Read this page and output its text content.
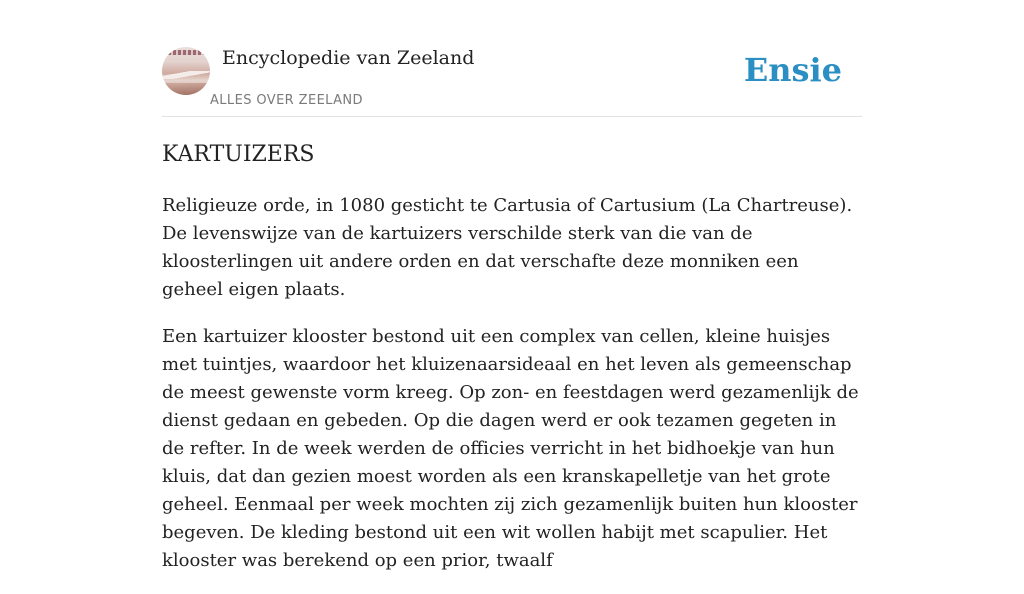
Encyclopedie van Zeeland
ALLES OVER ZEELAND
Ensie
KARTUIZERS

Religieuze orde, in 1080 gesticht te Cartusia of Cartusium (La Chartreuse). De levenswijze van de kartuizers verschilde sterk van die van de kloosterlingen uit andere orden en dat verschafte deze monniken een geheel eigen plaats.

Een kartuizer klooster bestond uit een complex van cellen, kleine huisjes met tuintjes, waardoor het kluizenaarsideaal en het leven als gemeenschap de meest gewenste vorm kreeg. Op zon- en feestdagen werd gezamenlijk de dienst gedaan en gebeden. Op die dagen werd er ook tezamen gegeten in de refter. In de week werden de officies verricht in het bidhoekje van hun kluis, dat dan gezien moest worden als een kranskapelletje van het grote geheel. Eenmaal per week mochten zij zich gezamenlijk buiten hun klooster begeven. De kleding bestond uit een wit wollen habijt met scapulier. Het klooster was berekend op een prior, twaalf
